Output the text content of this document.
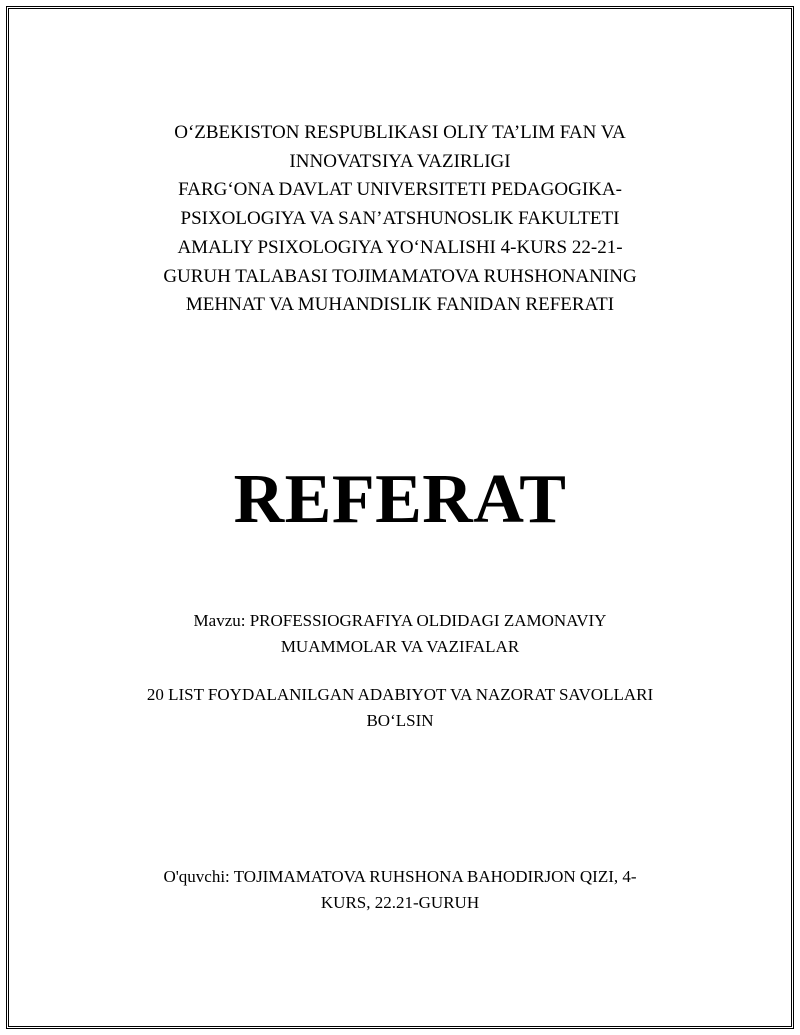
O‘ZBEKISTON RESPUBLIKASI OLIY TA’LIM FAN VA
INNOVATSIYA VAZIRLIGI
FARG‘ONA DAVLAT UNIVERSITETI PEDAGOGIKA-
PSIXOLOGIYA VA SAN’ATSHUNOSLIK FAKULTETI
AMALIY PSIXOLOGIYA YO‘NALISHI 4-KURS 22-21-
GURUH TALABASI TOJIMAMATOVA RUHSHONANING
MEHNAT VA MUHANDISLIK FANIDAN REFERATI
REFERAT
Mavzu: PROFESSIOGRAFIYA OLDIDAGI ZAMONAVIY
MUAMMOLAR VA VAZIFALAR
20 LIST FOYDALANILGAN ADABIYOT VA NAZORAT SAVOLLARI
BO‘LSIN
O'quvchi: TOJIMAMATOVA RUHSHONA BAHODIRJON QIZI, 4-
KURS, 22.21-GURUH
